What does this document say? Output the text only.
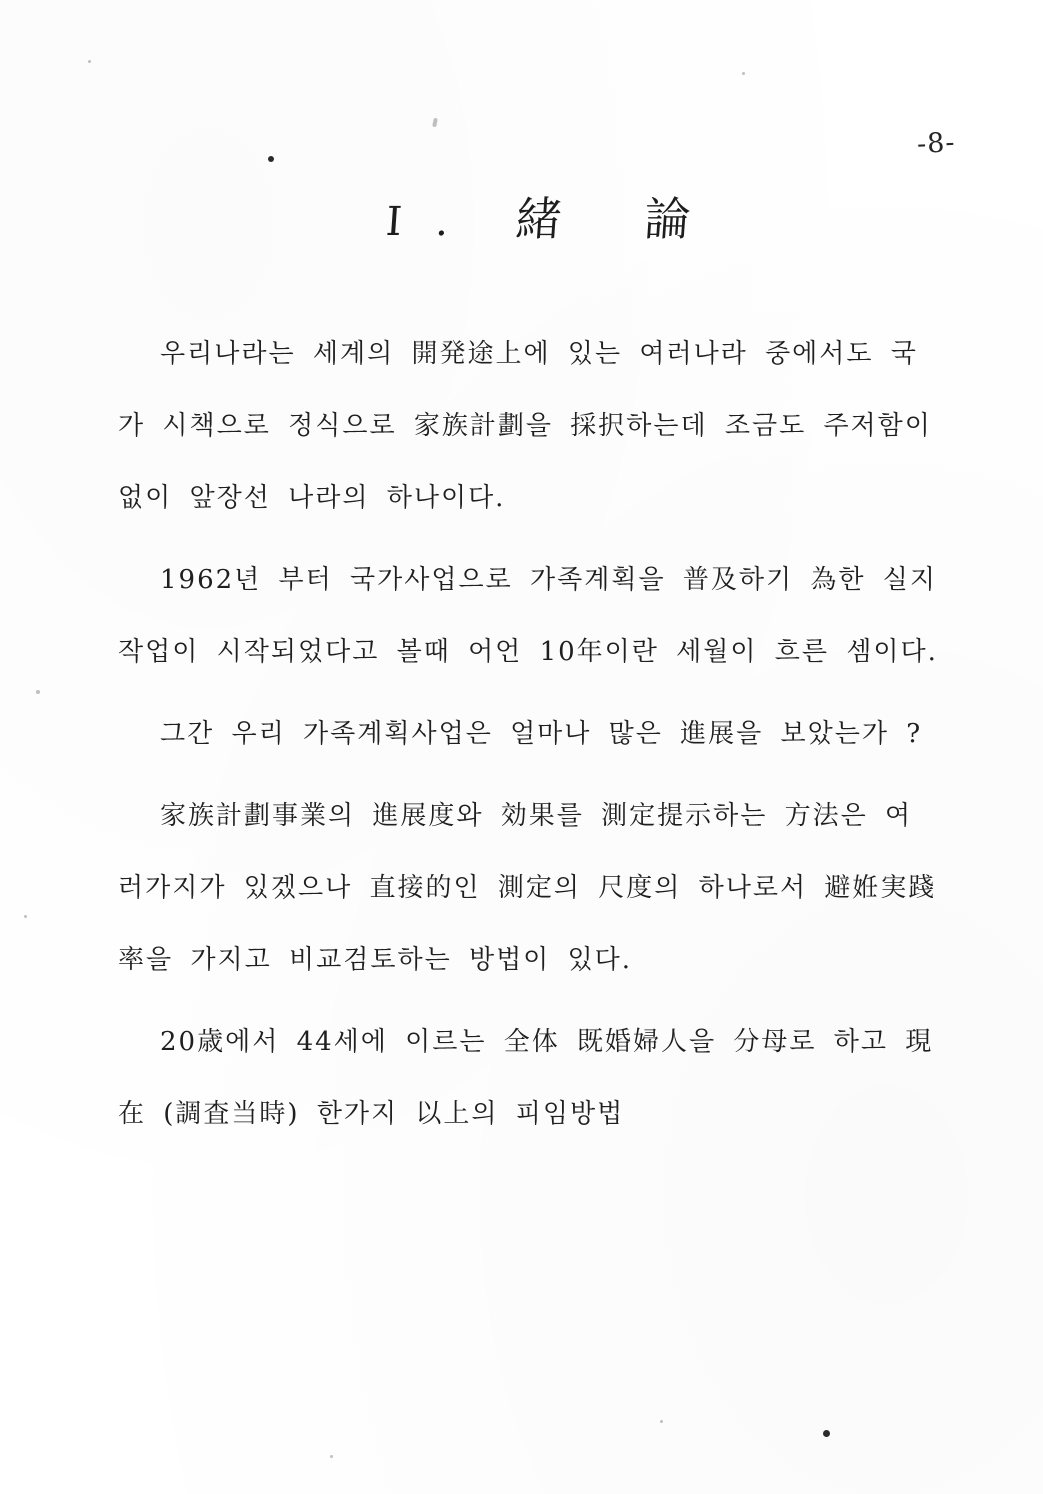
-8-
I. 緒 論

우리나라는 세계의 開発途上에 있는 여러나라 중에서도 국가 시책으로 정식으로 家族計劃을 採択하는데 조금도 주저함이 없이 앞장선 나라의 하나이다.

1962년 부터 국가사업으로 가족계획을 普及하기 為한 실지 작업이 시작되었다고 볼때 어언 10年이란 세월이 흐른 셈이다.

그간 우리 가족계획사업은 얼마나 많은 進展을 보았는가 ?

家族計劃事業의 進展度와 効果를 測定提示하는 方法은 여러가지가 있겠으나 直接的인 測定의 尺度의 하나로서 避姙実踐率을 가지고 비교검토하는 방법이 있다.

20歳에서 44세에 이르는 全体 既婚婦人을 分母로 하고 現在 (調査当時) 한가지 以上의 피임방법
